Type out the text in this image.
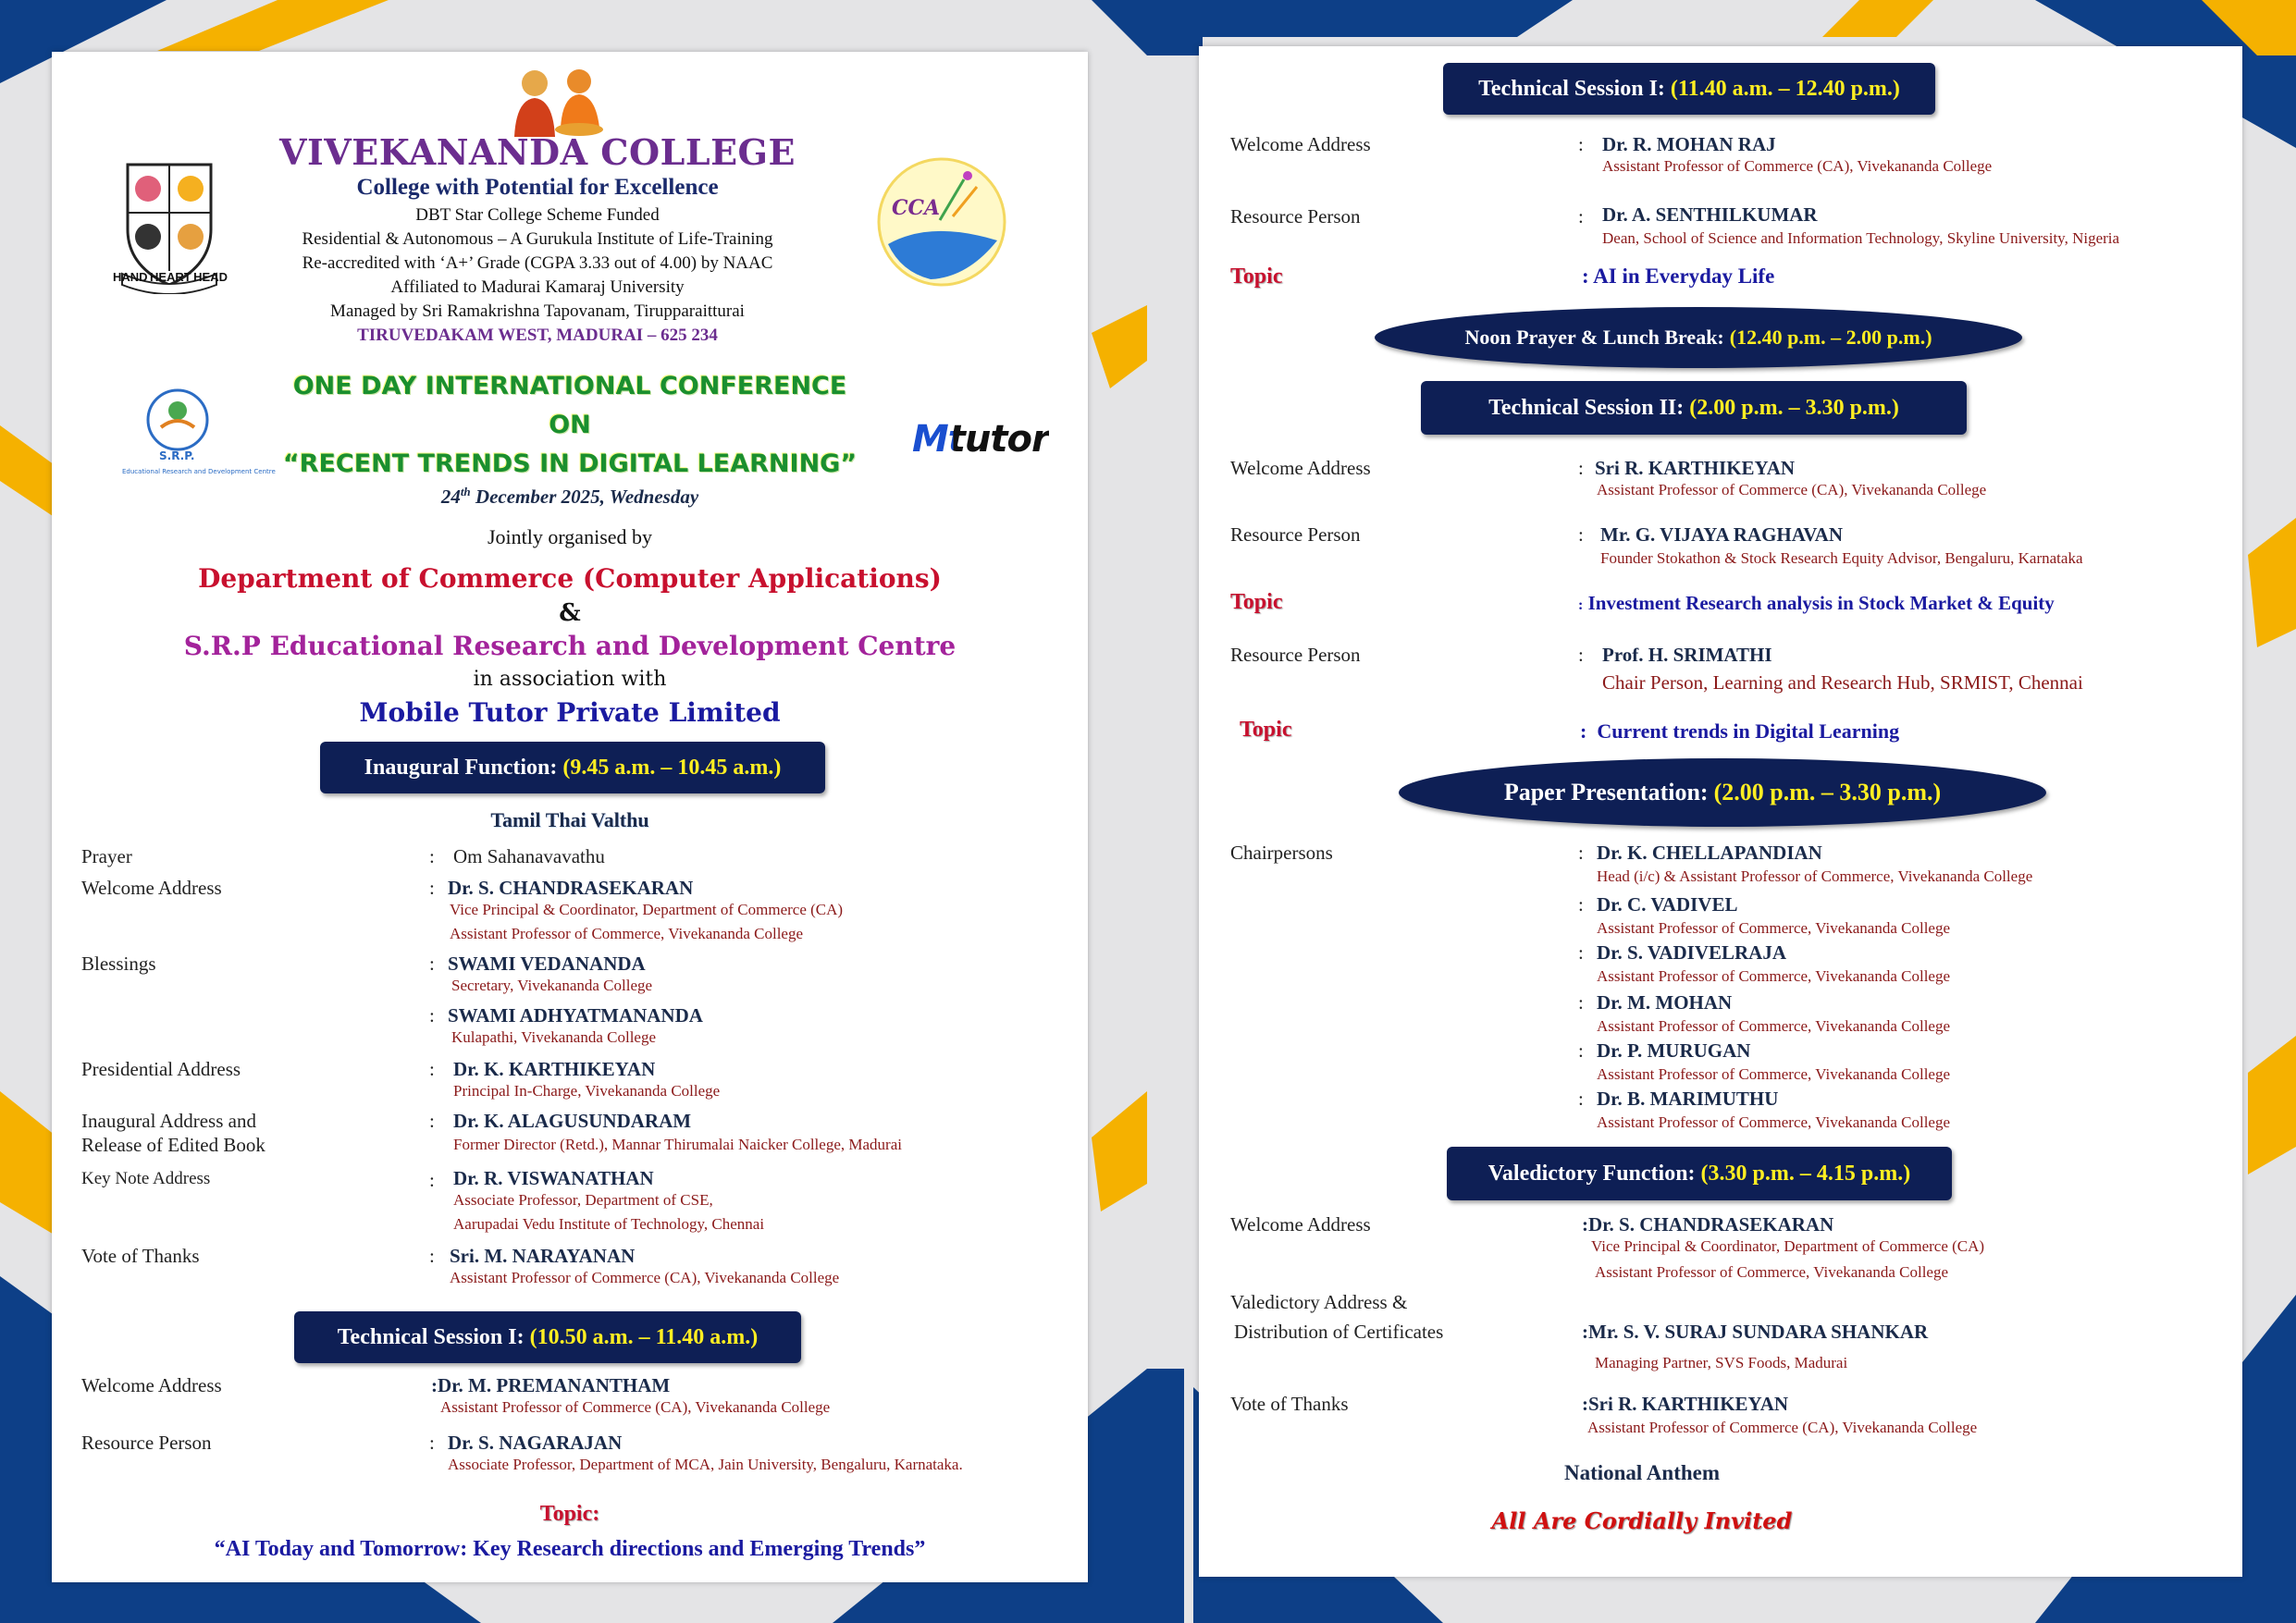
HAND HEART HEAD
CCA
VIVEKANANDA COLLEGE
College with Potential for Excellence
DBT Star College Scheme Funded
Residential & Autonomous – A Gurukula Institute of Life-Training
Re-accredited with ‘A+’ Grade (CGPA 3.33 out of 4.00) by NAAC
Affiliated to Madurai Kamaraj University
Managed by Sri Ramakrishna Tapovanam, Tirupparaitturai
TIRUVEDAKAM WEST, MADURAI – 625 234
S.R.P.
Educational Research and Development Centre
Mtutor
ONE DAY INTERNATIONAL CONFERENCE
ON
“RECENT TRENDS IN DIGITAL LEARNING”
24th December 2025, Wednesday
Jointly organised by
Department of Commerce (Computer Applications)
&
S.R.P Educational Research and Development Centre
in association with
Mobile Tutor Private Limited
Inaugural Function: (9.45 a.m. – 10.45 a.m.)
Tamil Thai Valthu
Prayer	: Om Sahanavavathu
Welcome Address	: Dr. S. CHANDRASEKARAN
Vice Principal & Coordinator, Department of Commerce (CA)
Assistant Professor of Commerce, Vivekananda College
Blessings	: SWAMI VEDANANDA
Secretary, Vivekananda College
: SWAMI ADHYATMANANDA
Kulapathi, Vivekananda College
Presidential Address	: Dr. K. KARTHIKEYAN
Principal In-Charge, Vivekananda College
Inaugural Address and
Release of Edited Book
: Dr. K. ALAGUSUNDARAM
Former Director (Retd.), Mannar Thirumalai Naicker College, Madurai
Key Note Address	: Dr. R. VISWANATHAN
Associate Professor, Department of CSE,
Aarupadai Vedu Institute of Technology, Chennai
Vote of Thanks	: Sri. M. NARAYANAN
Assistant Professor of Commerce (CA), Vivekananda College
Technical Session I: (10.50 a.m. – 11.40 a.m.)
Welcome Address	:Dr. M. PREMANANTHAM
Assistant Professor of Commerce (CA), Vivekananda College
Resource Person	: Dr. S. NAGARAJAN
Associate Professor, Department of MCA, Jain University, Bengaluru, Karnataka.
Topic:
“AI Today and Tomorrow: Key Research directions and Emerging Trends”
Technical Session I: (11.40 a.m. – 12.40 p.m.)
Welcome Address	: Dr. R. MOHAN RAJ
Assistant Professor of Commerce (CA), Vivekananda College
Resource Person	: Dr. A. SENTHILKUMAR
Dean, School of Science and Information Technology, Skyline University, Nigeria
Topic	: AI in Everyday Life
Noon Prayer & Lunch Break: (12.40 p.m. – 2.00 p.m.)
Technical Session II: (2.00 p.m. – 3.30 p.m.)
Welcome Address	: Sri R. KARTHIKEYAN
Assistant Professor of Commerce (CA), Vivekananda College
Resource Person	: Mr. G. VIJAYA RAGHAVAN
Founder Stokathon & Stock Research Equity Advisor, Bengaluru, Karnataka
Topic	: Investment Research analysis in Stock Market & Equity
Resource Person	: Prof. H. SRIMATHI
Chair Person, Learning and Research Hub, SRMIST, Chennai
Topic	: Current trends in Digital Learning
Paper Presentation: (2.00 p.m. – 3.30 p.m.)
Chairpersons	: Dr. K. CHELLAPANDIAN
Head (i/c) & Assistant Professor of Commerce, Vivekananda College
: Dr. C. VADIVEL
Assistant Professor of Commerce, Vivekananda College
: Dr. S. VADIVELRAJA
Assistant Professor of Commerce, Vivekananda College
: Dr. M. MOHAN
Assistant Professor of Commerce, Vivekananda College
: Dr. P. MURUGAN
Assistant Professor of Commerce, Vivekananda College
: Dr. B. MARIMUTHU
Assistant Professor of Commerce, Vivekananda College
Valedictory Function: (3.30 p.m. – 4.15 p.m.)
Welcome Address	:Dr. S. CHANDRASEKARAN
Vice Principal & Coordinator, Department of Commerce (CA)
Assistant Professor of Commerce, Vivekananda College
Valedictory Address &
Distribution of Certificates	:Mr. S. V. SURAJ SUNDARA SHANKAR
Managing Partner, SVS Foods, Madurai
Vote of Thanks	:Sri R. KARTHIKEYAN
Assistant Professor of Commerce (CA), Vivekananda College
National Anthem
All Are Cordially Invited
